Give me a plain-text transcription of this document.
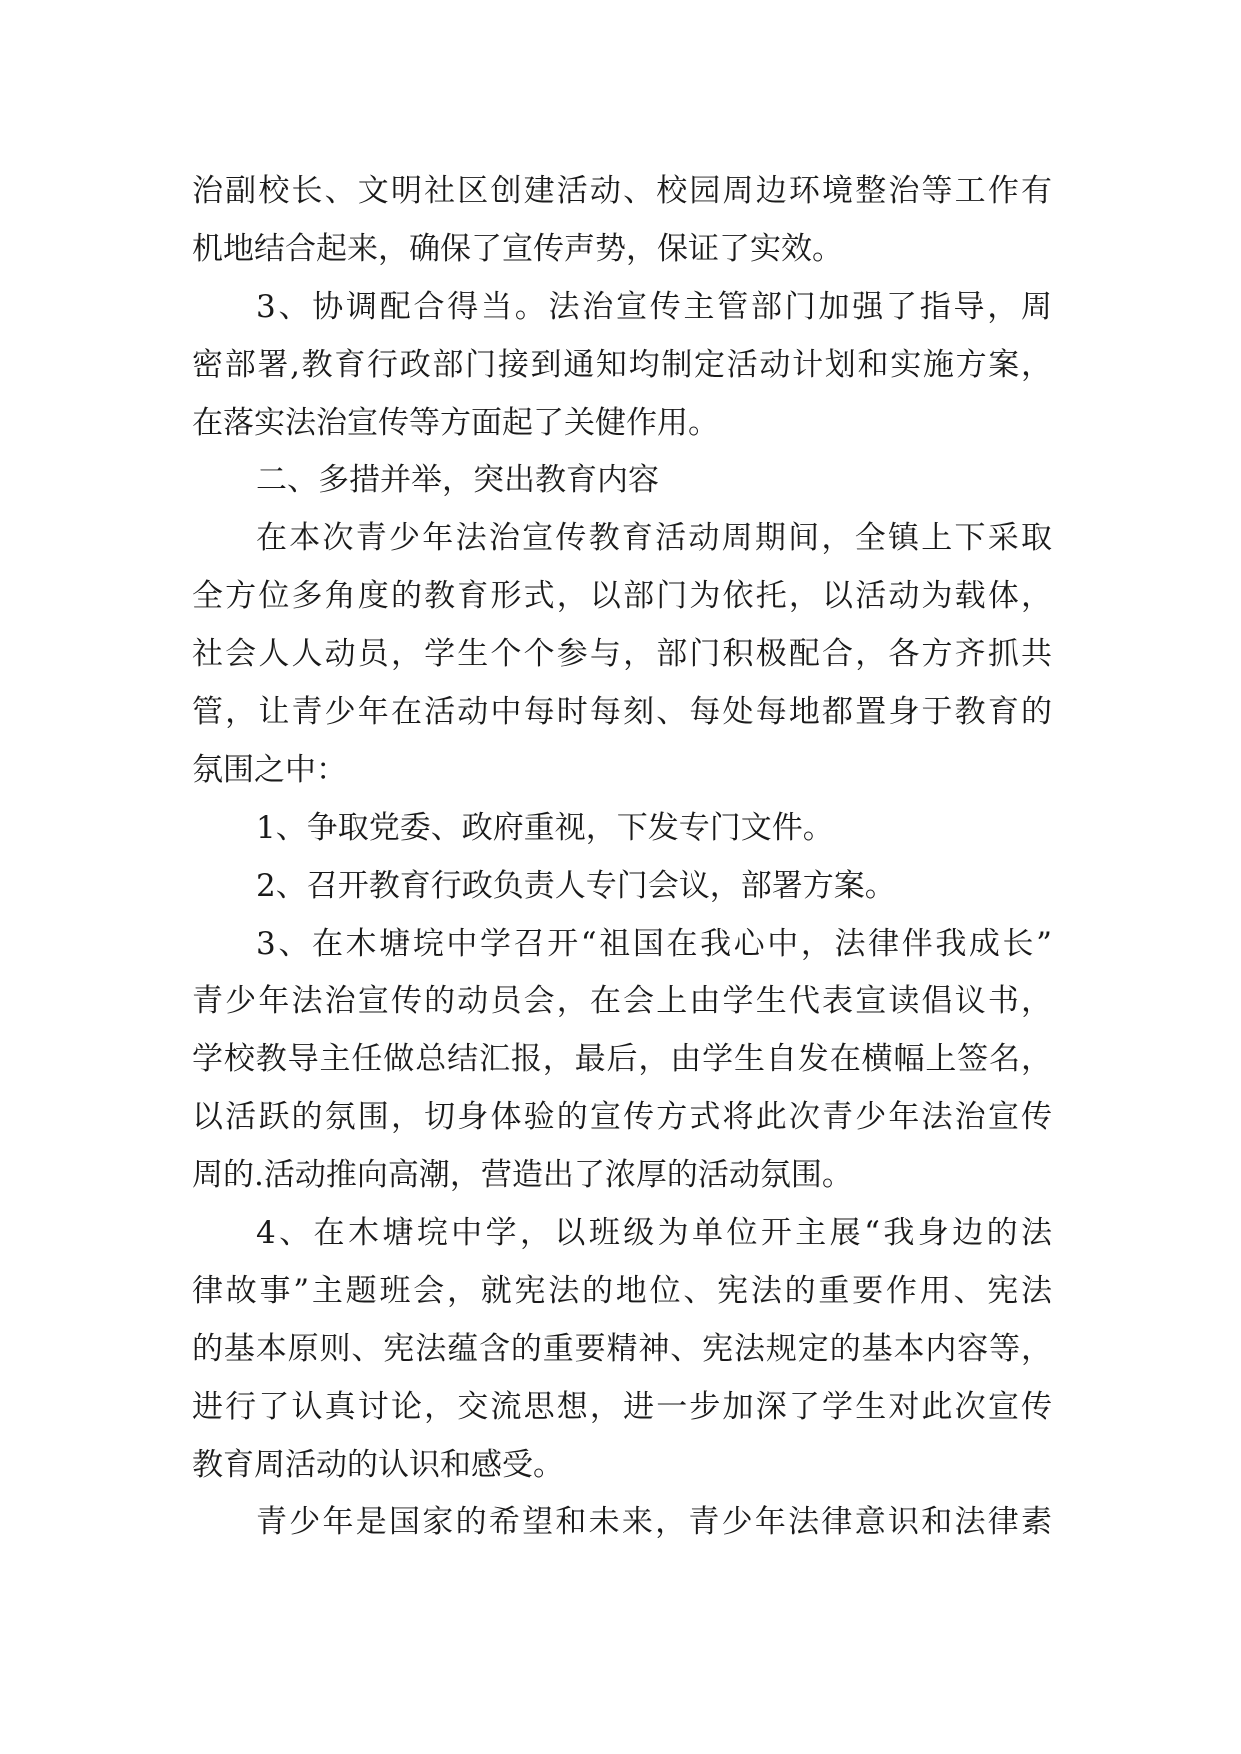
治副校长、文明社区创建活动、校园周边环境整治等工作有
机地结合起来，确保了宣传声势，保证了实效。
3、协调配合得当。法治宣传主管部门加强了指导，周
密部署,教育行政部门接到通知均制定活动计划和实施方案，
在落实法治宣传等方面起了关健作用。
二、多措并举，突出教育内容
在本次青少年法治宣传教育活动周期间，全镇上下采取
全方位多角度的教育形式，以部门为依托，以活动为载体，
社会人人动员，学生个个参与，部门积极配合，各方齐抓共
管，让青少年在活动中每时每刻、每处每地都置身于教育的
氛围之中：
1、争取党委、政府重视，下发专门文件。
2、召开教育行政负责人专门会议，部署方案。
3、在木塘垸中学召开“祖国在我心中，法律伴我成长”
青少年法治宣传的动员会，在会上由学生代表宣读倡议书，
学校教导主任做总结汇报，最后，由学生自发在横幅上签名，
以活跃的氛围，切身体验的宣传方式将此次青少年法治宣传
周的.活动推向高潮，营造出了浓厚的活动氛围。
4、在木塘垸中学，以班级为单位开主展“我身边的法
律故事”主题班会，就宪法的地位、宪法的重要作用、宪法
的基本原则、宪法蕴含的重要精神、宪法规定的基本内容等，
进行了认真讨论，交流思想，进一步加深了学生对此次宣传
教育周活动的认识和感受。
青少年是国家的希望和未来，青少年法律意识和法律素
